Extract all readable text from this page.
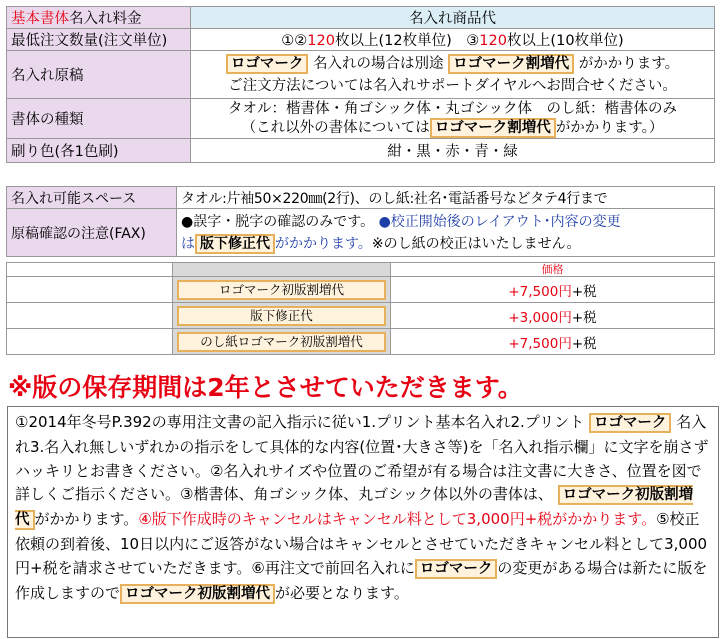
基本書体名入れ料金	名入れ商品代
最低注文数量(注文単位)	①②120枚以上(12枚単位)　 ③120枚以上(10枚単位)
名入れ原稿	ロゴマーク 名入れの場合は別途 ロゴマーク割増代 がかかります。
ご注文方法については名入れサポートダイヤルへお問合せください。

書体の種類	タオル：楷書体・角ゴシック体・丸ゴシック体　のし紙：楷書体のみ
（これ以外の書体については ロゴマーク割増代 がかかります。）

刷り色(各1色刷)	紺・黒・赤・青・緑
名入れ可能スペース	タオル:片袖50×220㎜(2行)、のし紙:社名･電話番号などタテ4行まで
原稿確認の注意(FAX)	●誤字・脱字の確認のみです。 ●校正開始後のレイアウト･内容の変更
は 版下修正代 がかかります。※のし紙の校正はいたしません。
		価格

	ロゴマーク初版割増代	+7,500円+税

	版下修正代	+3,000円+税

	のし紙ロゴマーク初版割増代	+7,500円+税
※版の保存期間は2年とさせていただきます。
①2014年冬号P.392の専用注文書の記入指示に従い1.プリント基本名入れ2.プリント ロゴマーク 名入れ3.名入れ無しいずれかの指示をして具体的な内容(位置･大きさ等)を「名入れ指示欄」に文字を崩さずハッキリとお書きください。②名入れサイズや位置のご希望が有る場合は注文書に大きさ、位置を図で詳しくご指示ください。③楷書体、角ゴシック体、丸ゴシック体以外の書体は、 ロゴマーク初版割増代 がかかります。④版下作成時のキャンセルはキャンセル料として3,000円+税がかかります。⑤校正依頼の到着後、10日以内にご返答がない場合はキャンセルとさせていただきキャンセル料として3,000円+税を請求させていただきます。⑥再注文で前回名入れに ロゴマーク の変更がある場合は新たに版を作成しますので ロゴマーク初版割増代 が必要となります。
